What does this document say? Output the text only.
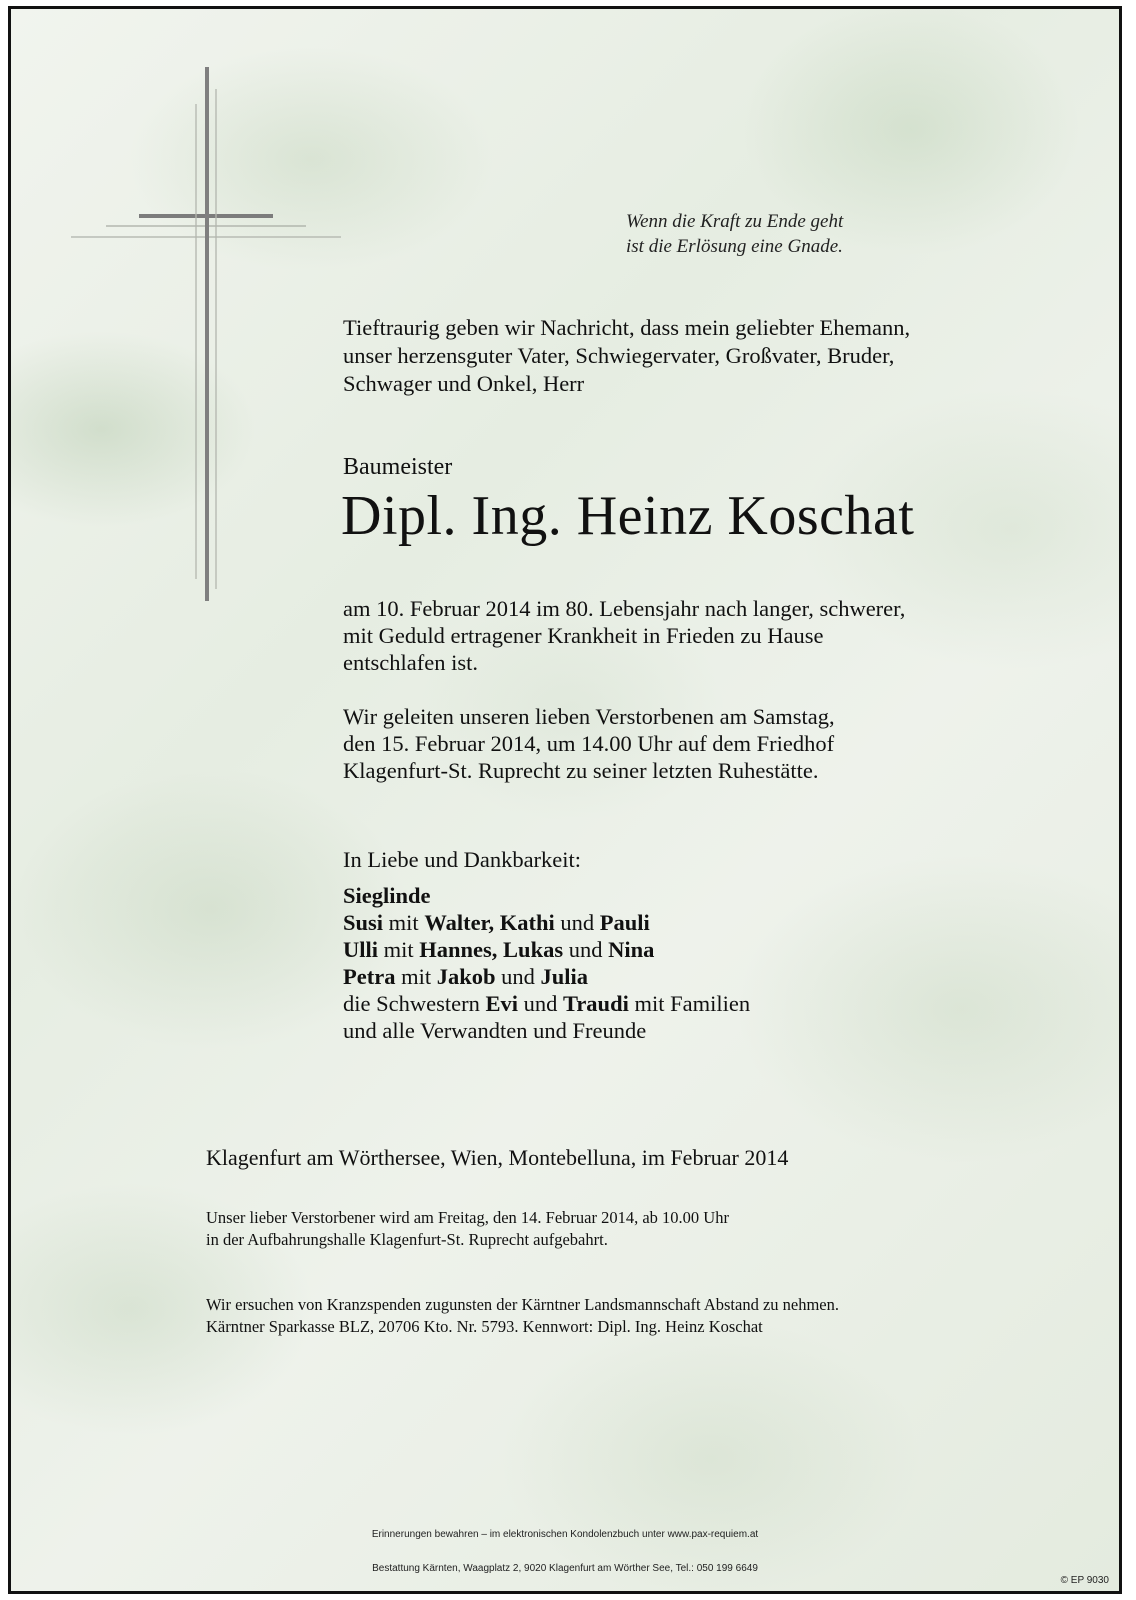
Wenn die Kraft zu Ende geht
ist die Erlösung eine Gnade.
Tieftraurig geben wir Nachricht, dass mein geliebter Ehemann,
unser herzensguter Vater, Schwiegervater, Großvater, Bruder,
Schwager und Onkel, Herr
Baumeister
Dipl. Ing. Heinz Koschat
am 10. Februar 2014 im 80. Lebensjahr nach langer, schwerer,
mit Geduld ertragener Krankheit in Frieden zu Hause
entschlafen ist.
Wir geleiten unseren lieben Verstorbenen am Samstag,
den 15. Februar 2014, um 14.00 Uhr auf dem Friedhof
Klagenfurt-St. Ruprecht zu seiner letzten Ruhestätte.
In Liebe und Dankbarkeit:
Sieglinde
Susi mit Walter, Kathi und Pauli
Ulli mit Hannes, Lukas und Nina
Petra mit Jakob und Julia
die Schwestern Evi und Traudi mit Familien
und alle Verwandten und Freunde
Klagenfurt am Wörthersee, Wien, Montebelluna, im Februar 2014
Unser lieber Verstorbener wird am Freitag, den 14. Februar 2014, ab 10.00 Uhr
in der Aufbahrungshalle Klagenfurt-St. Ruprecht aufgebahrt.
Wir ersuchen von Kranzspenden zugunsten der Kärntner Landsmannschaft Abstand zu nehmen.
Kärntner Sparkasse BLZ, 20706 Kto. Nr. 5793. Kennwort: Dipl. Ing. Heinz Koschat
Erinnerungen bewahren – im elektronischen Kondolenzbuch unter www.pax-requiem.at
Bestattung Kärnten, Waagplatz 2, 9020 Klagenfurt am Wörther See, Tel.: 050 199 6649
© EP 9030
